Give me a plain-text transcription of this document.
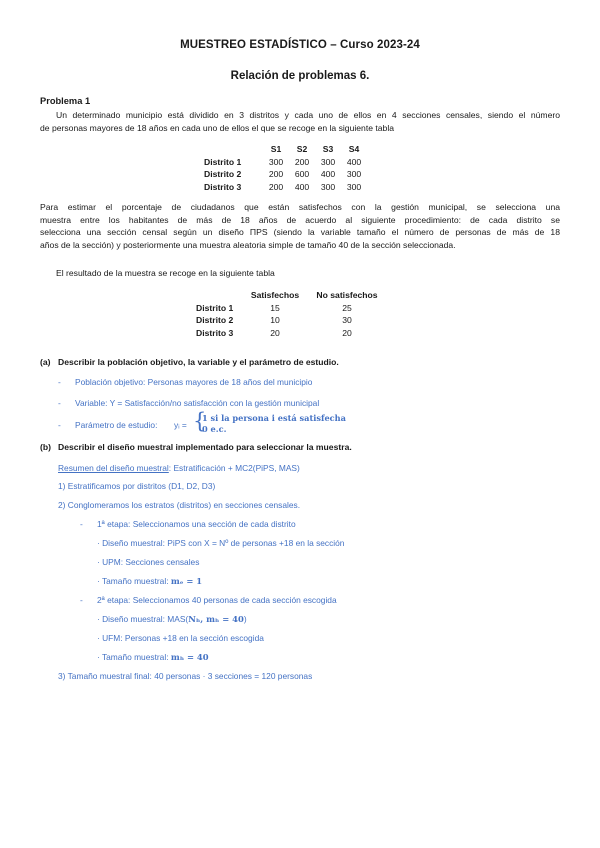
MUESTREO ESTADÍSTICO – Curso 2023-24
Relación de problemas 6.
Problema 1
Un determinado municipio está dividido en 3 distritos y cada uno de ellos en 4 secciones censales, siendo el número
de personas mayores de 18 años en cada uno de ellos el que se recoge en la siguiente tabla
	S1	S2	S3	S4
Distrito 1	300	200	300	400
Distrito 2	200	600	400	300
Distrito 3	200	400	300	300
Para estimar el porcentaje de ciudadanos que están satisfechos con la gestión municipal, se selecciona una
muestra entre los habitantes de más de 18 años de acuerdo al siguiente procedimiento: de cada distrito se
selecciona una sección censal según un diseño ΠPS (siendo la variable tamaño el número de personas de más de 18
años de la sección) y posteriormente una muestra aleatoria simple de tamaño 40 de la sección seleccionada.
El resultado de la muestra se recoge en la siguiente tabla
	Satisfechos	No satisfechos
Distrito 1	15	25
Distrito 2	10	30
Distrito 3	20	20
(a) Describir la población objetivo, la variable y el parámetro de estudio.
- Población objetivo: Personas mayores de 18 años del municipio
- Variable: Y = Satisfacción/no satisfacción con la gestión municipal
- Parámetro de estudio: yᵢ = {
1 si la persona i está satisfecha
0 e.c.
(b) Describir el diseño muestral implementado para seleccionar la muestra.
Resumen del diseño muestral: Estratificación + MC2(PiPS, MAS)
1) Estratificamos por distritos (D1, D2, D3)
2) Conglomeramos los estratos (distritos) en secciones censales.
- 1ª etapa: Seleccionamos una sección de cada distrito
· Diseño muestral: PiPS con X = Nº de personas +18 en la sección
· UPM: Secciones censales
· Tamaño muestral: 𝐦ₑ = 𝟏
- 2ª etapa: Seleccionamos 40 personas de cada sección escogida
· Diseño muestral: MAS(𝐍ₕ, 𝐦ₕ = 𝟒𝟎)
· UFM: Personas +18 en la sección escogida
· Tamaño muestral: 𝐦ₕ = 𝟒𝟎
3) Tamaño muestral final: 40 personas · 3 secciones = 120 personas
